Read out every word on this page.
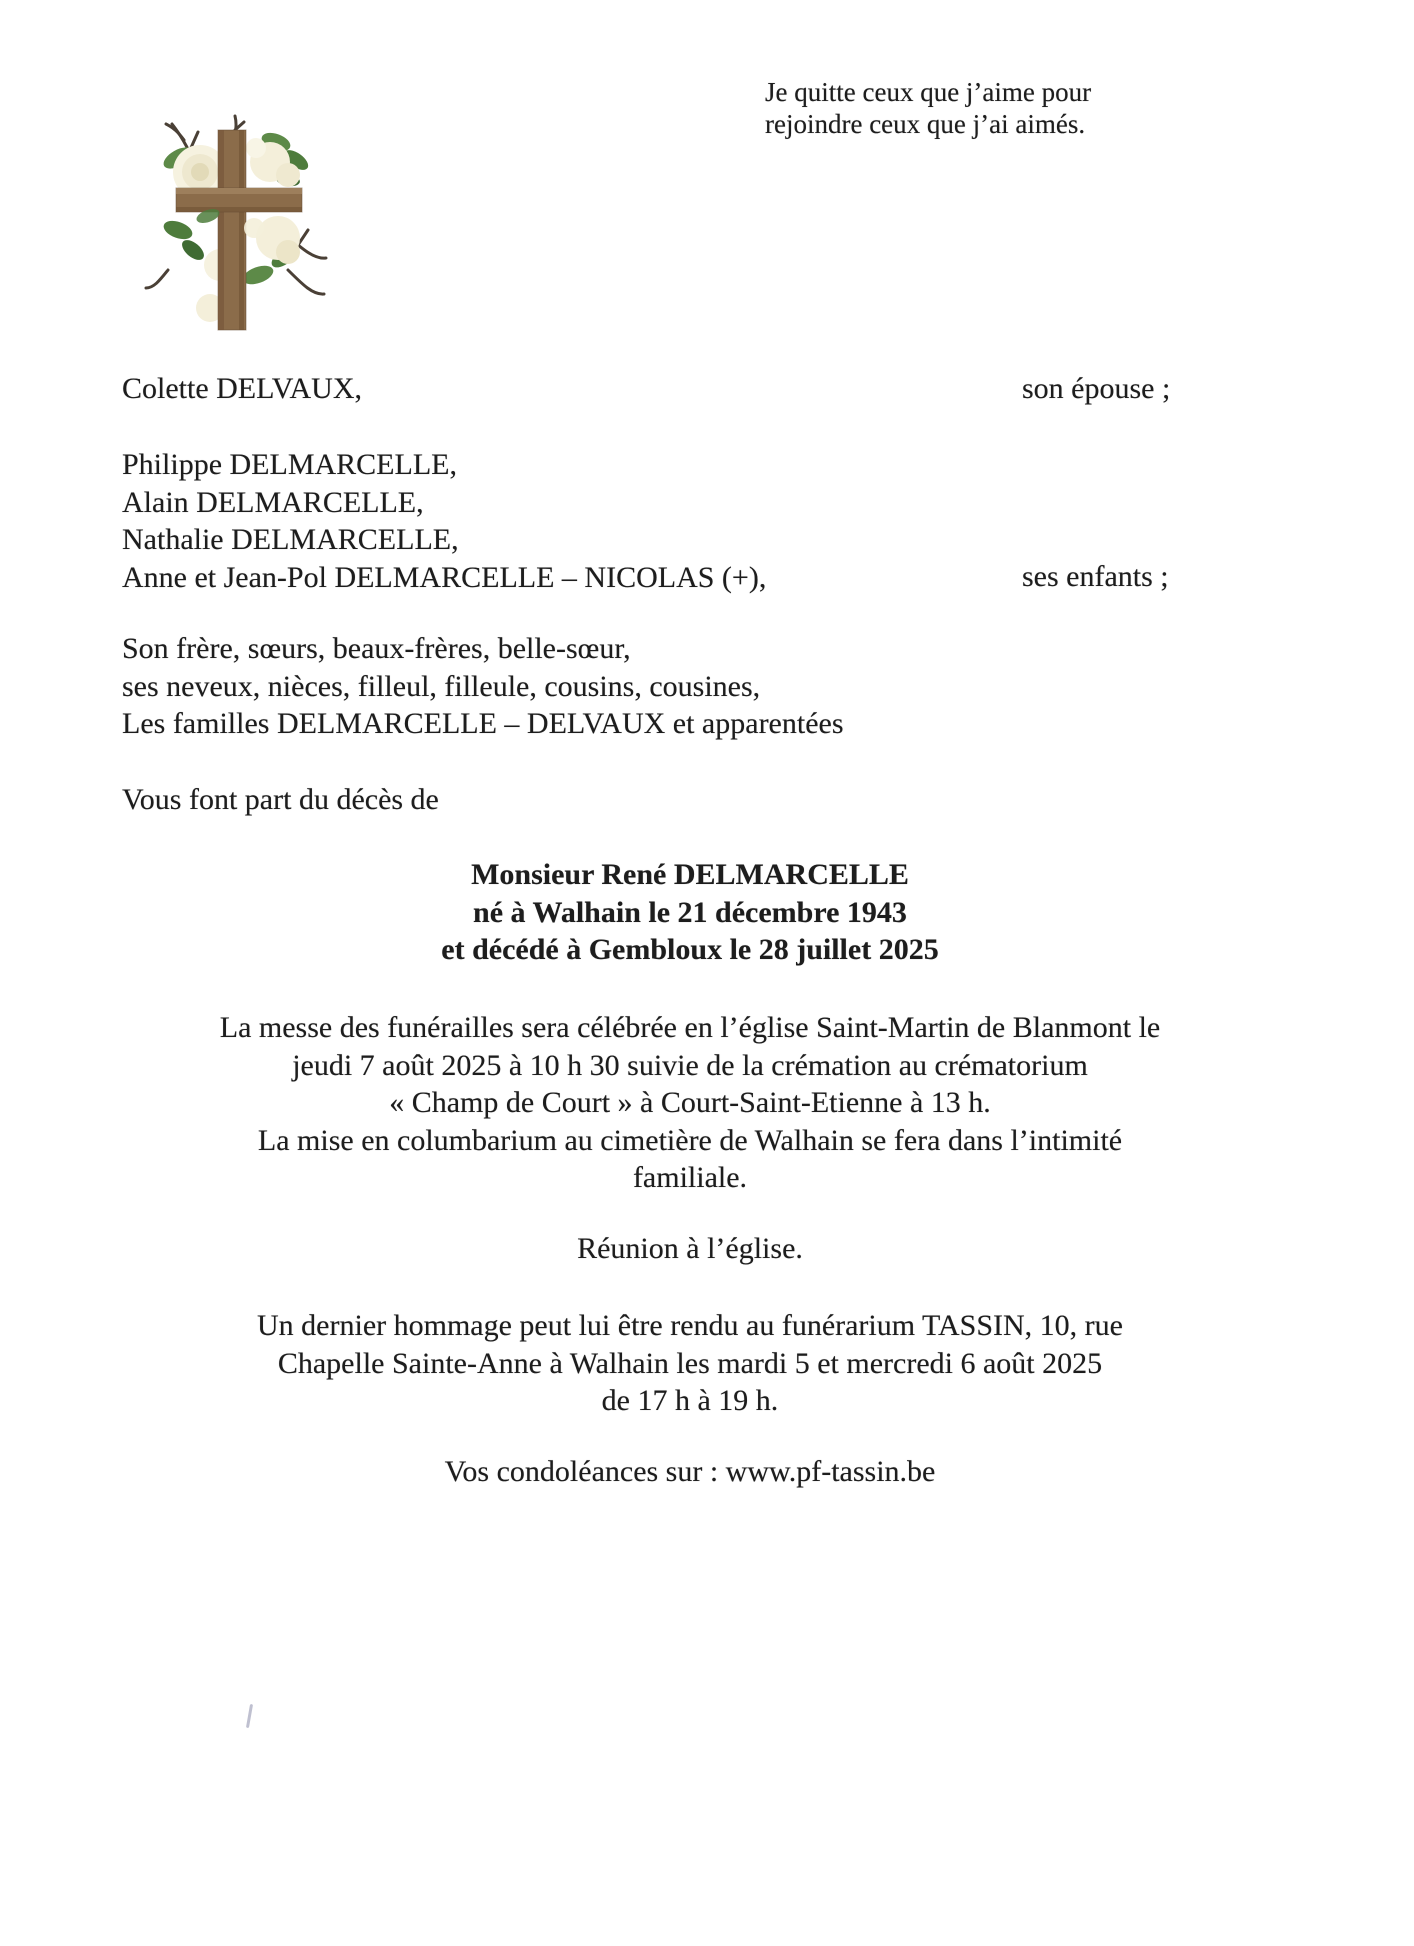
Je quitte ceux que j’aime pour
rejoindre ceux que j’ai aimés.
Colette DELVAUX,	son épouse ;
Philippe DELMARCELLE,
Alain DELMARCELLE,
Nathalie DELMARCELLE,
Anne et Jean-Pol DELMARCELLE – NICOLAS (+),	ses enfants ;
Son frère, sœurs, beaux-frères, belle-sœur,
ses neveux, nièces, filleul, filleule, cousins, cousines,
Les familles DELMARCELLE – DELVAUX et apparentées
Vous font part du décès de
Monsieur René DELMARCELLE
né à Walhain le 21 décembre 1943
et décédé à Gembloux le 28 juillet 2025
La messe des funérailles sera célébrée en l’église Saint-Martin de Blanmont le
jeudi 7 août 2025 à 10 h 30 suivie de la crémation au crématorium
« Champ de Court » à Court-Saint-Etienne à 13 h.
La mise en columbarium au cimetière de Walhain se fera dans l’intimité
familiale.
Réunion à l’église.
Un dernier hommage peut lui être rendu au funérarium TASSIN, 10, rue
Chapelle Sainte-Anne à Walhain les mardi 5 et mercredi 6 août 2025
de 17 h à 19 h.
Vos condoléances sur : www.pf-tassin.be
